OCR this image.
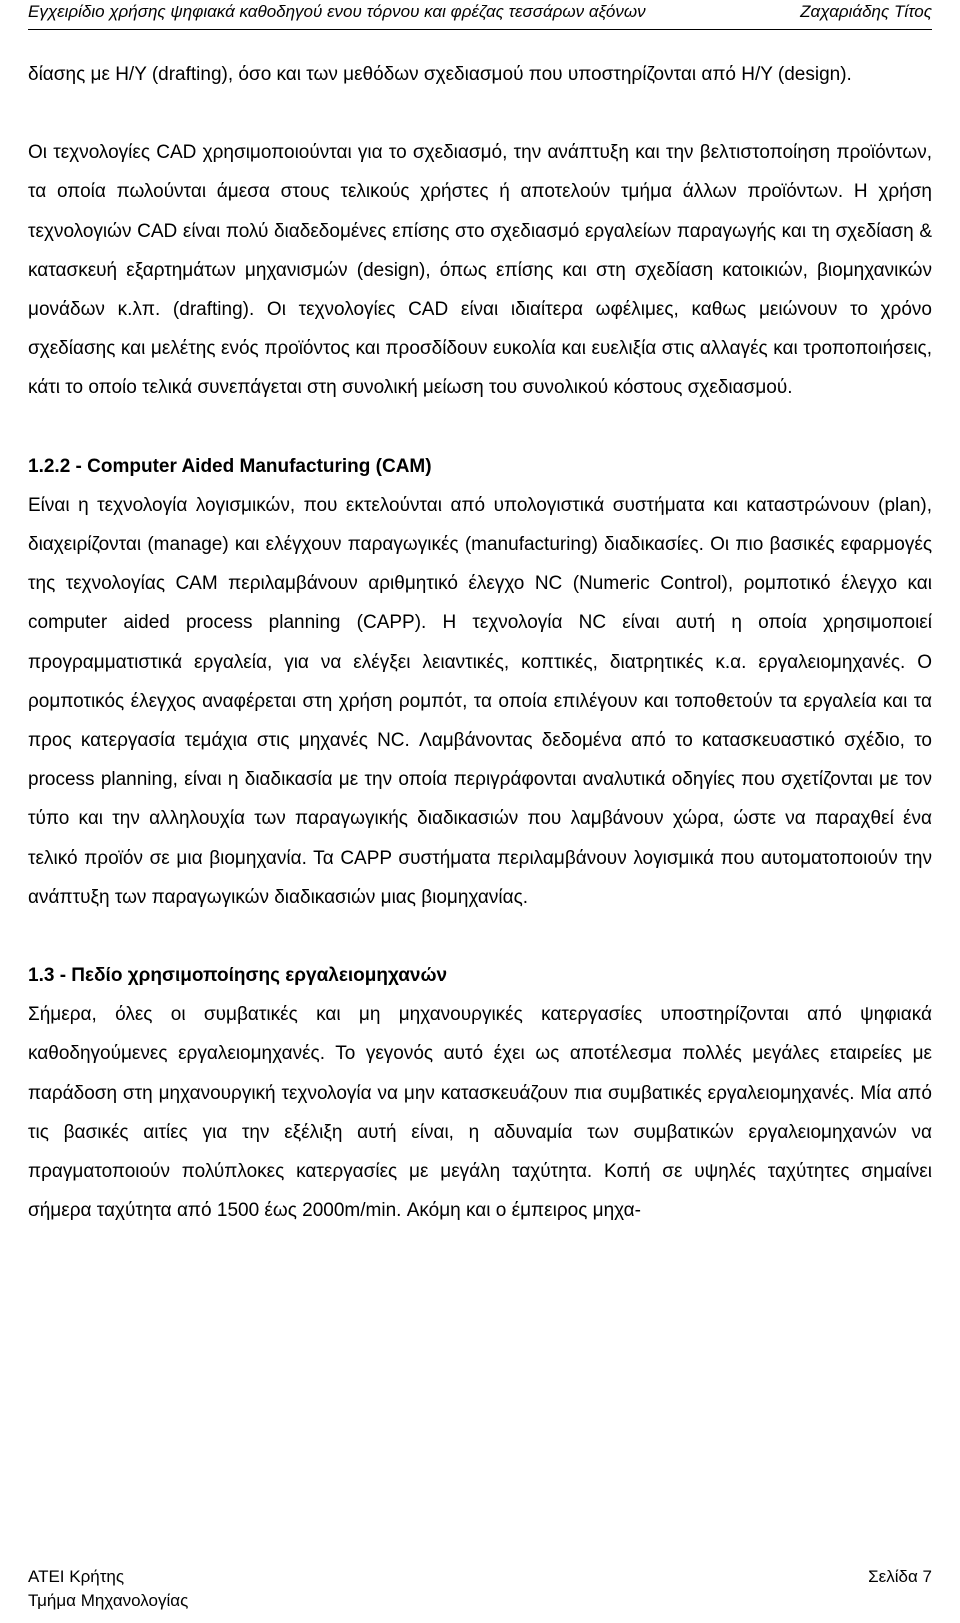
Εγχειρίδιο χρήσης ψηφιακά καθοδηγού ενου τόρνου και φρέζας τεσσάρων αξόνων	Ζαχαριάδης Τίτος

δίασης με Η/Υ (drafting), όσο και των μεθόδων σχεδιασμού που υποστηρίζονται από Η/Υ (design).

Οι τεχνολογίες CAD χρησιμοποιούνται για το σχεδιασμό, την ανάπτυξη και την βελτιστοποίηση προϊόντων, τα οποία πωλούνται άμεσα στους τελικούς χρήστες ή αποτελούν τμήμα άλλων προϊόντων. Η χρήση τεχνολογιών CAD είναι πολύ διαδεδομένες επίσης στο σχεδιασμό εργαλείων παραγωγής και τη σχεδίαση & κατασκευή εξαρτημάτων μηχανισμών (design), όπως επίσης και στη σχεδίαση κατοικιών, βιομηχανικών μονάδων κ.λπ. (drafting). Οι τεχνολογίες CAD είναι ιδιαίτερα ωφέλιμες, καθως μειώνουν το χρόνο σχεδίασης και μελέτης ενός προϊόντος και προσδίδουν ευκολία και ευελιξία στις αλλαγές και τροποποιήσεις, κάτι το οποίο τελικά συνεπάγεται στη συνολική μείωση του συνολικού κόστους σχεδιασμού.

1.2.2 - Computer Aided Manufacturing (CAM)

Είναι η τεχνολογία λογισμικών, που εκτελούνται από υπολογιστικά συστήματα και καταστρώνουν (plan), διαχειρίζονται (manage) και ελέγχουν παραγωγικές (manufacturing) διαδικασίες. Οι πιο βασικές εφαρμογές της τεχνολογίας CAM περιλαμβάνουν αριθμητικό έλεγχο NC (Numeric Control), ρομποτικό έλεγχο και computer aided process planning (CAPP). Η τεχνολογία NC είναι αυτή η οποία χρησιμοποιεί προγραμματιστικά εργαλεία, για να ελέγξει λειαντικές, κοπτικές, διατρητικές κ.α. εργαλειομηχανές. Ο ρομποτικός έλεγχος αναφέρεται στη χρήση ρομπότ, τα οποία επιλέγουν και τοποθετούν τα εργαλεία και τα προς κατεργασία τεμάχια στις μηχανές NC. Λαμβάνοντας δεδομένα από το κατασκευαστικό σχέδιο, το process planning, είναι η διαδικασία με την οποία περιγράφονται αναλυτικά οδηγίες που σχετίζονται με τον τύπο και την αλληλουχία των παραγωγικής διαδικασιών που λαμβάνουν χώρα, ώστε να παραχθεί ένα τελικό προϊόν σε μια βιομηχανία. Τα CAPP συστήματα περιλαμβάνουν λογισμικά που αυτοματοποιούν την ανάπτυξη των παραγωγικών διαδικασιών μιας βιομηχανίας.

1.3 - Πεδίο χρησιμοποίησης εργαλειομηχανών

Σήμερα, όλες οι συμβατικές και μη μηχανουργικές κατεργασίες υποστηρίζονται από ψηφιακά καθοδηγούμενες εργαλειομηχανές. Το γεγονός αυτό έχει ως αποτέλεσμα πολλές μεγάλες εταιρείες με παράδοση στη μηχανουργική τεχνολογία να μην κατασκευάζουν πια συμβατικές εργαλειομηχανές. Μία από τις βασικές αιτίες για την εξέλιξη αυτή είναι, η αδυναμία των συμβατικών εργαλειομηχανών να πραγματοποιούν πολύπλοκες κατεργασίες με μεγάλη ταχύτητα. Κοπή σε υψηλές ταχύτητες σημαίνει σήμερα ταχύτητα από 1500 έως 2000m/min. Ακόμη και ο έμπειρος μηχα-

ΑΤΕΙ Κρήτης	Σελίδα 7
Τμήμα Μηχανολογίας
